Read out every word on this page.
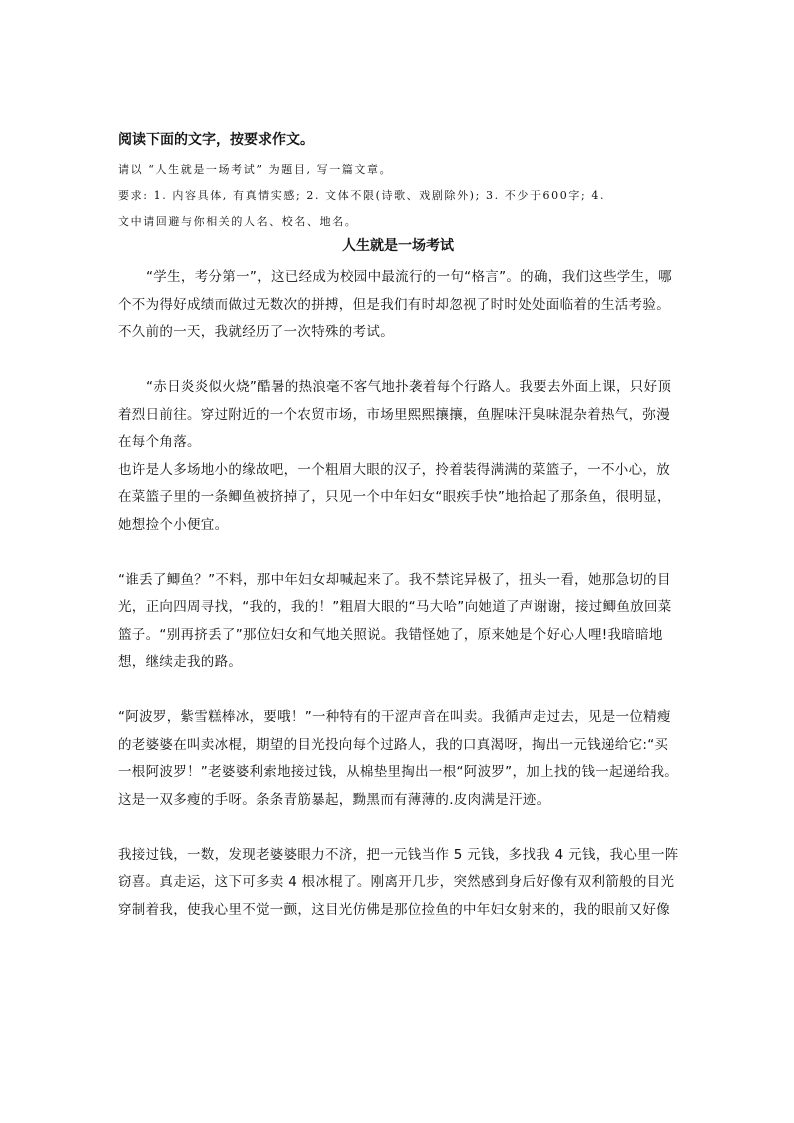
阅读下面的文字，按要求作文。

请以 “人生就是一场考试” 为题目, 写一篇文章。
要求: 1. 内容具体, 有真情实感; 2. 文体不限(诗歌、戏剧除外); 3. 不少于600字; 4.
文中请回避与你相关的人名、校名、地名。
人生就是一场考试
“学生，考分第一”，这已经成为校园中最流行的一句“格言”。的确，我们这些学生，哪
个不为得好成绩而做过无数次的拼搏，但是我们有时却忽视了时时处处面临着的生活考验。
不久前的一天，我就经历了一次特殊的考试。
“赤日炎炎似火烧”酷暑的热浪毫不客气地扑袭着每个行路人。我要去外面上课，只好顶
着烈日前往。穿过附近的一个农贸市场，市场里熙熙攘攘，鱼腥味汗臭味混杂着热气，弥漫
在每个角落。
也许是人多场地小的缘故吧，一个粗眉大眼的汉子，拎着装得满满的菜篮子，一不小心，放
在菜篮子里的一条鲫鱼被挤掉了，只见一个中年妇女“眼疾手快”地拾起了那条鱼，很明显，
她想捡个小便宜。
“谁丢了鲫鱼？”不料，那中年妇女却喊起来了。我不禁诧异极了，扭头一看，她那急切的目
光，正向四周寻找，“我的，我的！”粗眉大眼的“马大哈”向她道了声谢谢，接过鲫鱼放回菜
篮子。“别再挤丢了”那位妇女和气地关照说。我错怪她了，原来她是个好心人哩!我暗暗地
想，继续走我的路。
“阿波罗，紫雪糕棒冰，要哦！”一种特有的干涩声音在叫卖。我循声走过去，见是一位精瘦
的老婆婆在叫卖冰棍，期望的目光投向每个过路人，我的口真渴呀，掏出一元钱递给它:“买
一根阿波罗！”老婆婆利索地接过钱，从棉垫里掏出一根“阿波罗”，加上找的钱一起递给我。
这是一双多瘦的手呀。条条青筋暴起，黝黑而有薄薄的.皮肉满是汗迹。
我接过钱，一数，发现老婆婆眼力不济，把一元钱当作 5 元钱，多找我 4 元钱，我心里一阵
窃喜。真走运，这下可多卖 4 根冰棍了。刚离开几步，突然感到身后好像有双利箭般的目光
穿制着我，使我心里不觉一颤，这目光仿佛是那位捡鱼的中年妇女射来的，我的眼前又好像
